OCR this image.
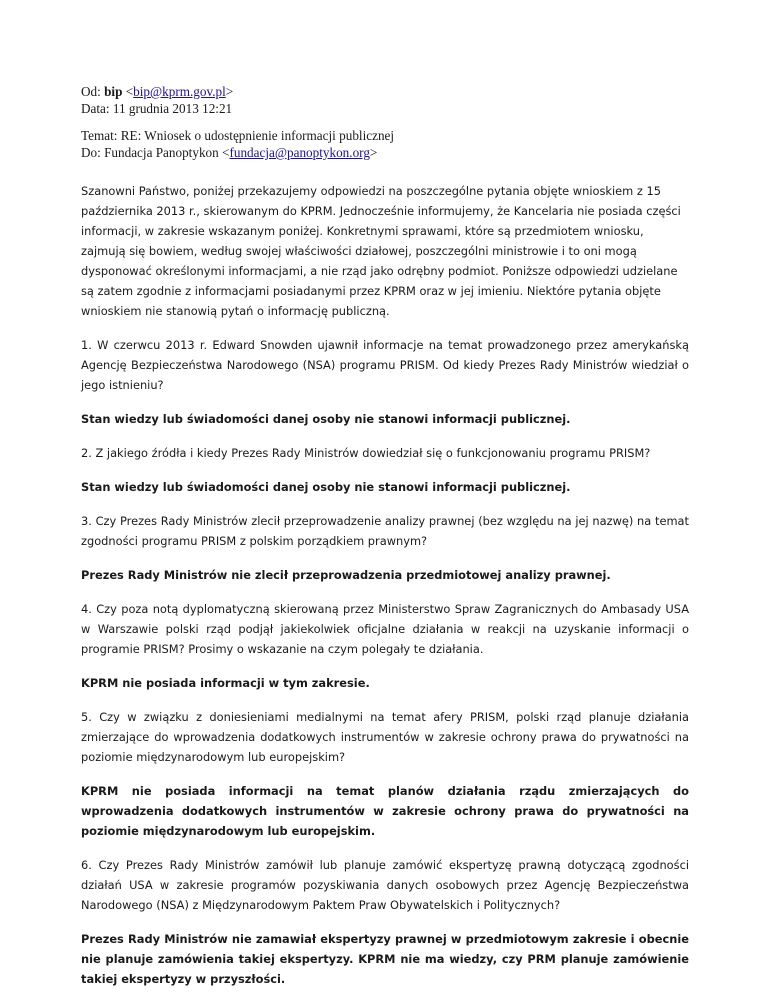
Od: bip <bip@kprm.gov.pl>
Data: 11 grudnia 2013 12:21
Temat: RE: Wniosek o udostępnienie informacji publicznej
Do: Fundacja Panoptykon <fundacja@panoptykon.org>

Szanowni Państwo, poniżej przekazujemy odpowiedzi na poszczególne pytania objęte wnioskiem z 15 października 2013 r., skierowanym do KPRM. Jednocześnie informujemy, że Kancelaria nie posiada części informacji, w zakresie wskazanym poniżej. Konkretnymi sprawami, które są przedmiotem wniosku, zajmują się bowiem, według swojej właściwości działowej, poszczególni ministrowie i to oni mogą dysponować określonymi informacjami, a nie rząd jako odrębny podmiot. Poniższe odpowiedzi udzielane są zatem zgodnie z informacjami posiadanymi przez KPRM oraz w jej imieniu. Niektóre pytania objęte wnioskiem nie stanowią pytań o informację publiczną.

1. W czerwcu 2013 r. Edward Snowden ujawnił informacje na temat prowadzonego przez amerykańską Agencję Bezpieczeństwa Narodowego (NSA) programu PRISM. Od kiedy Prezes Rady Ministrów wiedział o jego istnieniu?

Stan wiedzy lub świadomości danej osoby nie stanowi informacji publicznej.

2. Z jakiego źródła i kiedy Prezes Rady Ministrów dowiedział się o funkcjonowaniu programu PRISM?

Stan wiedzy lub świadomości danej osoby nie stanowi informacji publicznej.

3. Czy Prezes Rady Ministrów zlecił przeprowadzenie analizy prawnej (bez względu na jej nazwę) na temat zgodności programu PRISM z polskim porządkiem prawnym?

Prezes Rady Ministrów nie zlecił przeprowadzenia przedmiotowej analizy prawnej.

4. Czy poza notą dyplomatyczną skierowaną przez Ministerstwo Spraw Zagranicznych do Ambasady USA w Warszawie polski rząd podjął jakiekolwiek oficjalne działania w reakcji na uzyskanie informacji o programie PRISM? Prosimy o wskazanie na czym polegały te działania.

KPRM nie posiada informacji w tym zakresie.

5. Czy w związku z doniesieniami medialnymi na temat afery PRISM, polski rząd planuje działania zmierzające do wprowadzenia dodatkowych instrumentów w zakresie ochrony prawa do prywatności na poziomie międzynarodowym lub europejskim?

KPRM nie posiada informacji na temat planów działania rządu zmierzających do wprowadzenia dodatkowych instrumentów w zakresie ochrony prawa do prywatności na poziomie międzynarodowym lub europejskim.

6. Czy Prezes Rady Ministrów zamówił lub planuje zamówić ekspertyzę prawną dotyczącą zgodności działań USA w zakresie programów pozyskiwania danych osobowych przez Agencję Bezpieczeństwa Narodowego (NSA) z Międzynarodowym Paktem Praw Obywatelskich i Politycznych?

Prezes Rady Ministrów nie zamawiał ekspertyzy prawnej w przedmiotowym zakresie i obecnie nie planuje zamówienia takiej ekspertyzy. KPRM nie ma wiedzy, czy PRM planuje zamówienie takiej ekspertyzy w przyszłości.
